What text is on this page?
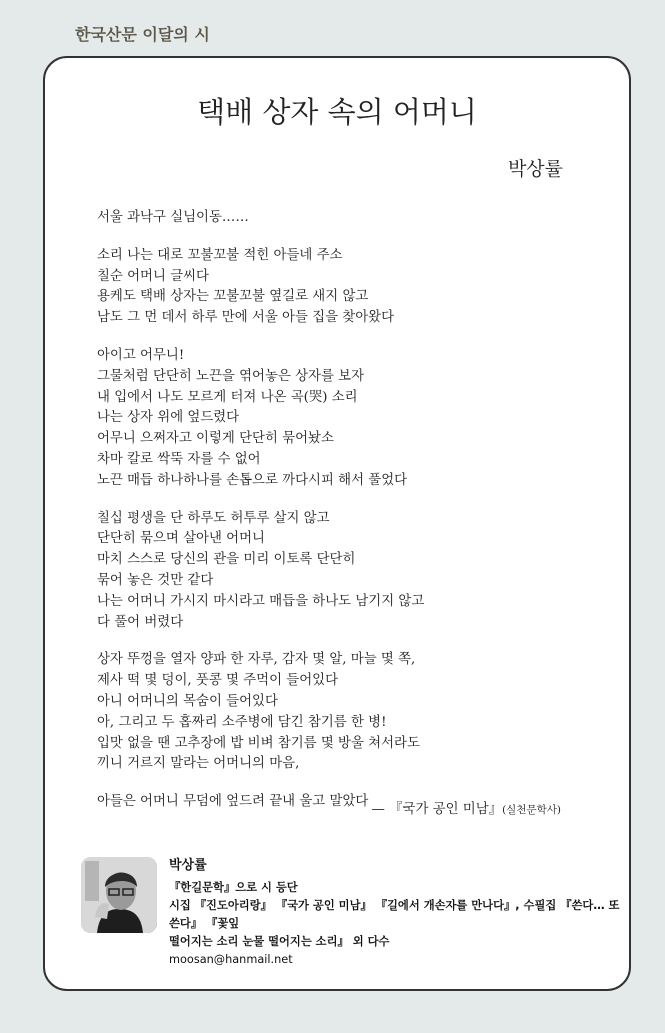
한국산문 이달의 시
택배 상자 속의 어머니
박상률
서울 과낙구 실님이동……
소리 나는 대로 꼬불꼬불 적힌 아들네 주소
칠순 어머니 글씨다
용케도 택배 상자는 꼬불꼬불 옆길로 새지 않고
남도 그 먼 데서 하루 만에 서울 아들 집을 찾아왔다
아이고 어무니!
그물처럼 단단히 노끈을 엮어놓은 상자를 보자
내 입에서 나도 모르게 터져 나온 곡(哭) 소리
나는 상자 위에 엎드렸다
어무니 으쩌자고 이렇게 단단히 묶어놨소
차마 칼로 싹뚝 자를 수 없어
노끈 매듭 하나하나를 손톱으로 까다시피 해서 풀었다
칠십 평생을 단 하루도 허투루 살지 않고
단단히 묶으며 살아낸 어머니
마치 스스로 당신의 관을 미리 이토록 단단히
묶어 놓은 것만 같다
나는 어머니 가시지 마시라고 매듭을 하나도 남기지 않고
다 풀어 버렸다
상자 뚜껑을 열자 양파 한 자루, 감자 몇 알, 마늘 몇 쪽,
제사 떡 몇 덩이, 풋콩 몇 주먹이 들어있다
아니 어머니의 목숨이 들어있다
아, 그리고 두 홉짜리 소주병에 담긴 참기름 한 병!
입맛 없을 땐 고추장에 밥 비벼 참기름 몇 방울 쳐서라도
끼니 거르지 말라는 어머니의 마음,
아들은 어머니 무덤에 엎드려 끝내 울고 말았다
— 『국가 공인 미남』(실천문학사)
박상률
『한길문학』으로 시 등단
시집 『진도아리랑』 『국가 공인 미남』 『길에서 개손자를 만나다』, 수필집 『쓴다… 또 쓴다』 『꽃잎
떨어지는 소리 눈물 떨어지는 소리』 외 다수
moosan@hanmail.net
